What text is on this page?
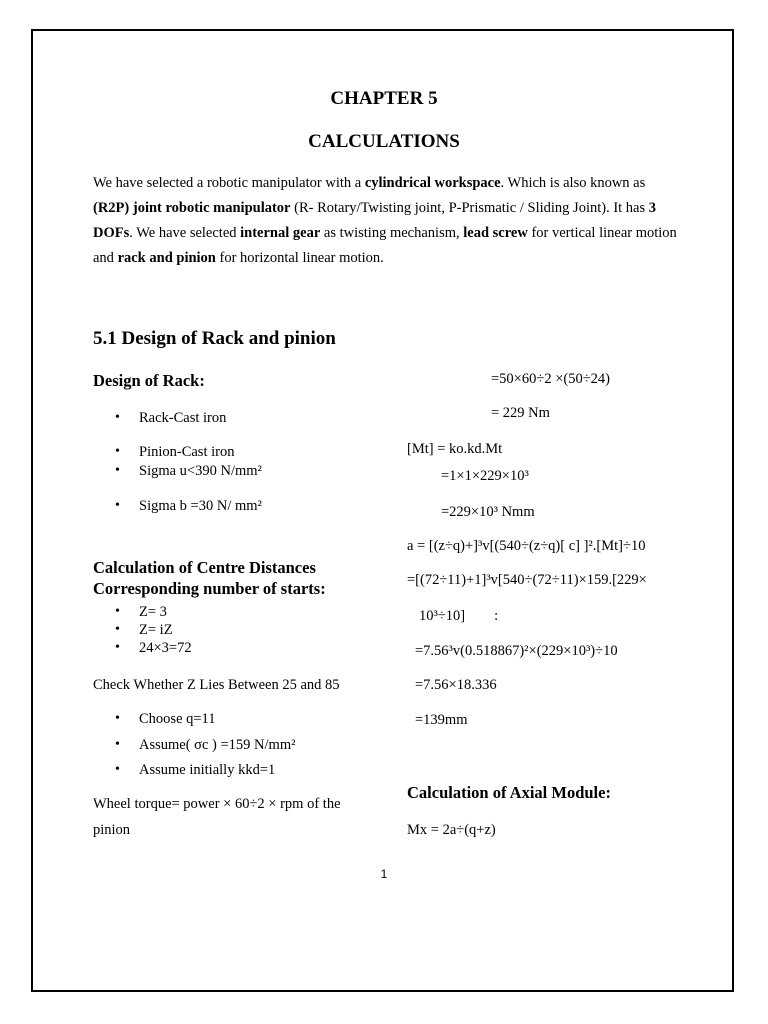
CHAPTER 5
CALCULATIONS
We have selected a robotic manipulator with a cylindrical workspace. Which is also known as (R2P) joint robotic manipulator (R- Rotary/Twisting joint, P-Prismatic / Sliding Joint). It has 3 DOFs. We have selected internal gear as twisting mechanism, lead screw for vertical linear motion and rack and pinion for horizontal linear motion.
5.1 Design of Rack and pinion
Design of Rack:
• Rack-Cast iron
• Pinion-Cast iron
• Sigma u<390 N/mm²
• Sigma b =30 N/ mm²
Calculation of Centre Distances
Corresponding number of starts:
• Z= 3
• Z= iZ
• 24×3=72
Check Whether Z Lies Between 25 and 85
• Choose q=11
• Assume( σc ) =159 N/mm²
• Assume initially kkd=1
Wheel torque= power × 60÷2 × rpm of the
pinion
=50×60÷2 ×(50÷24)
= 229 Nm
[Mt] = ko.kd.Mt
=1×1×229×10³
=229×10³ Nmm
a = [(z÷q)+]³v[(540÷(z÷q)[ c] ]².[Mt]÷10
=[(72÷11)+1]³v[540÷(72÷11)×159.[229×
10³÷10]        :
=7.56³v(0.518867)²×(229×10³)÷10
=7.56×18.336
=139mm
Calculation of Axial Module:
Mx = 2a÷(q+z)
1
